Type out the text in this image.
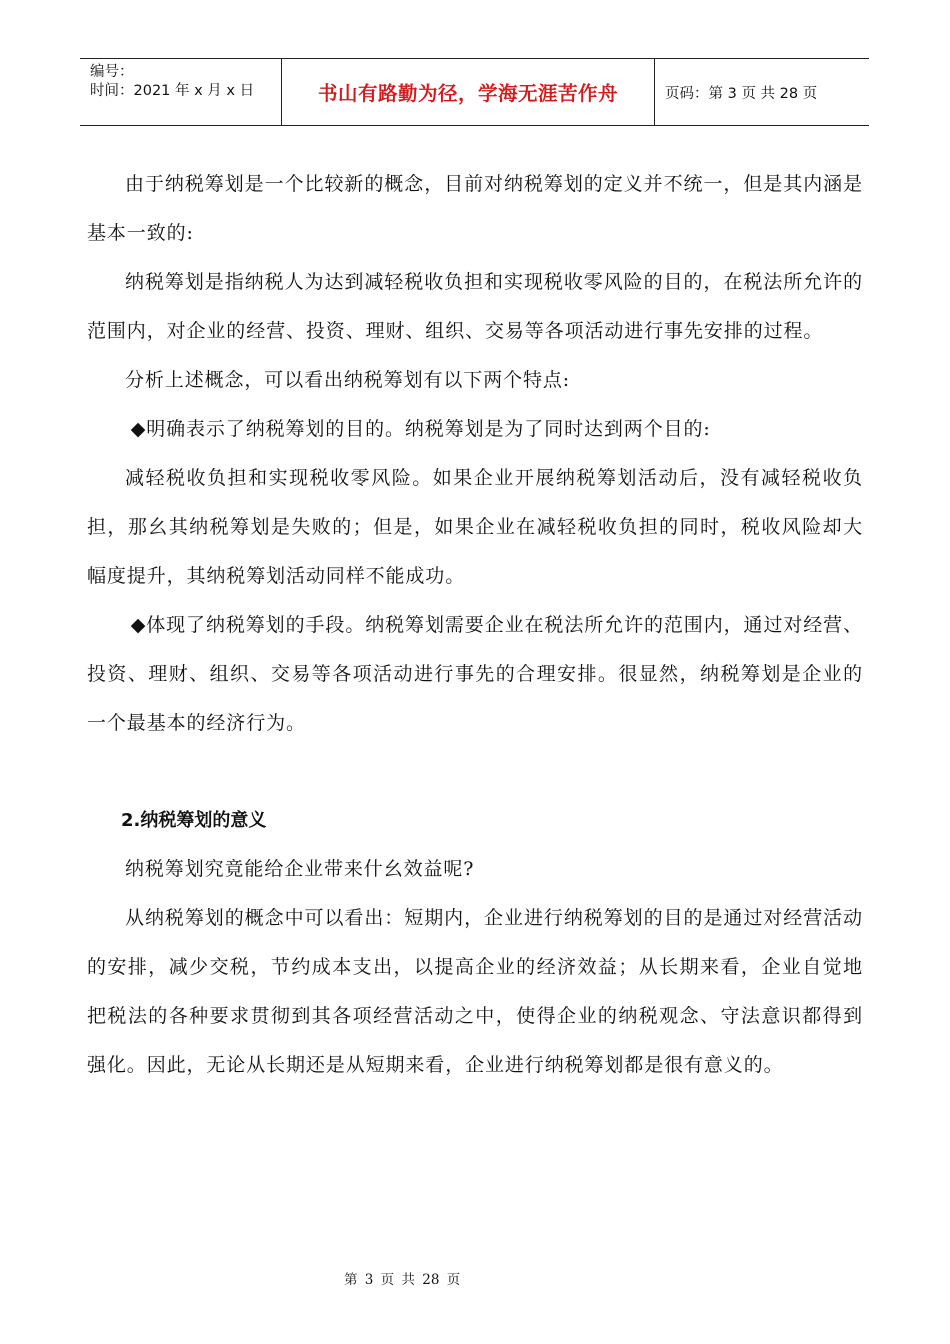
编号：
时间：2021 年 x 月 x 日	书山有路勤为径，学海无涯苦作舟	页码：第 3 页 共 28 页

由于纳税筹划是一个比较新的概念，目前对纳税筹划的定义并不统一，但是其内涵是基本一致的:

纳税筹划是指纳税人为达到减轻税收负担和实现税收零风险的目的，在税法所允许的范围内，对企业的经营、投资、理财、组织、交易等各项活动进行事先安排的过程。

分析上述概念，可以看出纳税筹划有以下两个特点:

◆明确表示了纳税筹划的目的。纳税筹划是为了同时达到两个目的:

减轻税收负担和实现税收零风险。如果企业开展纳税筹划活动后，没有减轻税收负担，那幺其纳税筹划是失败的；但是，如果企业在减轻税收负担的同时，税收风险却大幅度提升，其纳税筹划活动同样不能成功。

◆体现了纳税筹划的手段。纳税筹划需要企业在税法所允许的范围内，通过对经营、投资、理财、组织、交易等各项活动进行事先的合理安排。很显然，纳税筹划是企业的一个最基本的经济行为。

2.纳税筹划的意义

纳税筹划究竟能给企业带来什幺效益呢?

从纳税筹划的概念中可以看出：短期内，企业进行纳税筹划的目的是通过对经营活动的安排，减少交税，节约成本支出，以提高企业的经济效益；从长期来看，企业自觉地把税法的各种要求贯彻到其各项经营活动之中，使得企业的纳税观念、守法意识都得到强化。因此，无论从长期还是从短期来看，企业进行纳税筹划都是很有意义的。

第 3 页 共 28 页
